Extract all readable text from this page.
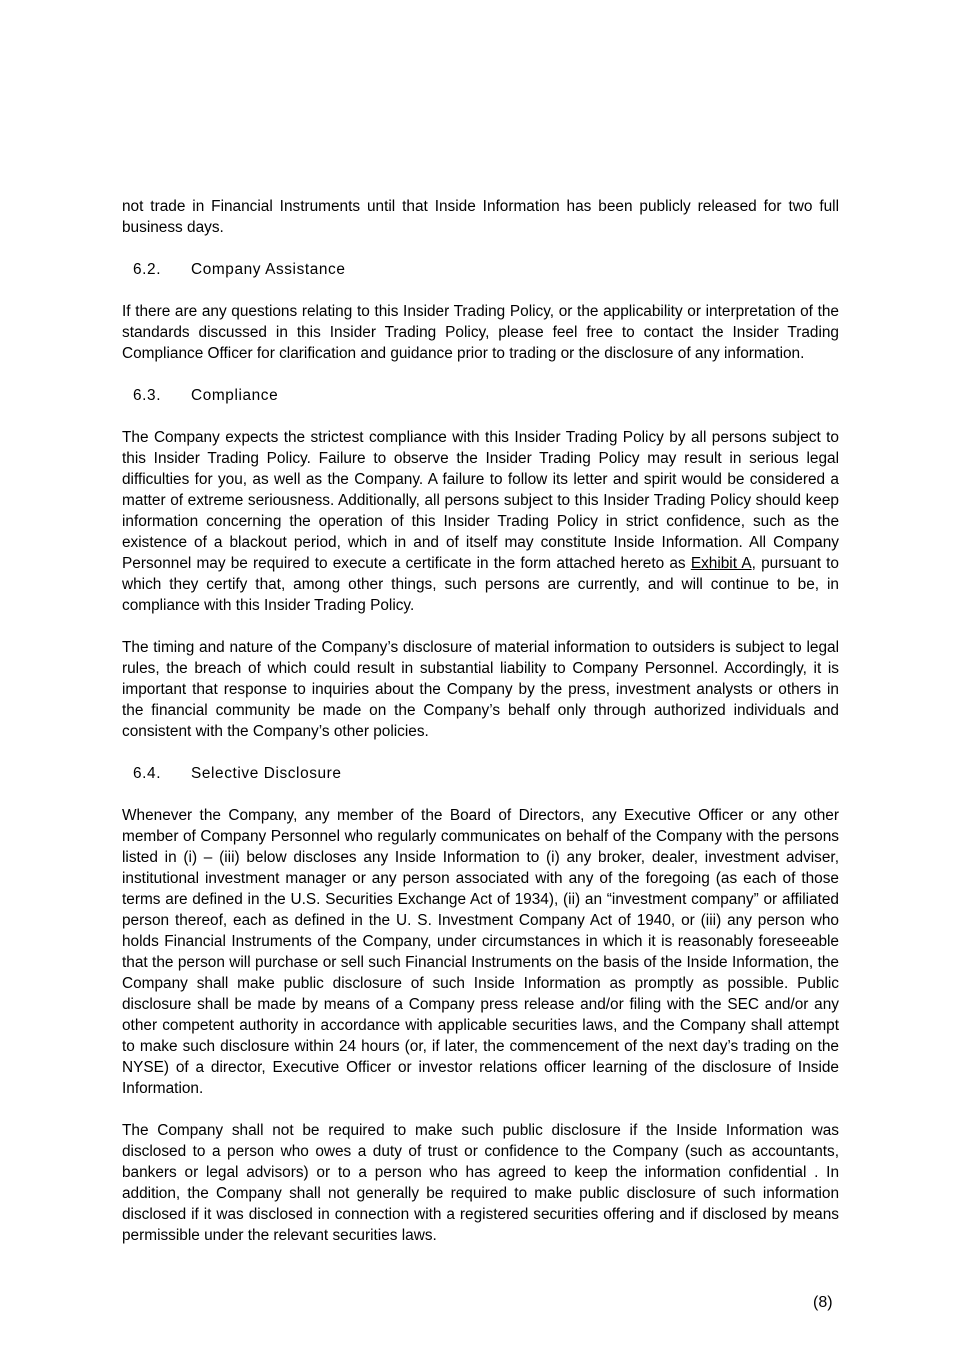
not trade in Financial Instruments until that Inside Information has been publicly released for two full business days.

6.2.	Company Assistance

If there are any questions relating to this Insider Trading Policy, or the applicability or interpretation of the standards discussed in this Insider Trading Policy, please feel free to contact the Insider Trading Compliance Officer for clarification and guidance prior to trading or the disclosure of any information.

6.3.	Compliance

The Company expects the strictest compliance with this Insider Trading Policy by all persons subject to this Insider Trading Policy. Failure to observe the Insider Trading Policy may result in serious legal difficulties for you, as well as the Company. A failure to follow its letter and spirit would be considered a matter of extreme seriousness. Additionally, all persons subject to this Insider Trading Policy should keep information concerning the operation of this Insider Trading Policy in strict confidence, such as the existence of a blackout period, which in and of itself may constitute Inside Information. All Company Personnel may be required to execute a certificate in the form attached hereto as Exhibit A, pursuant to which they certify that, among other things, such persons are currently, and will continue to be, in compliance with this Insider Trading Policy.

The timing and nature of the Company’s disclosure of material information to outsiders is subject to legal rules, the breach of which could result in substantial liability to Company Personnel. Accordingly, it is important that response to inquiries about the Company by the press, investment analysts or others in the financial community be made on the Company’s behalf only through authorized individuals and consistent with the Company’s other policies.

6.4.	Selective Disclosure

Whenever the Company, any member of the Board of Directors, any Executive Officer or any other member of Company Personnel who regularly communicates on behalf of the Company with the persons listed in (i) – (iii) below discloses any Inside Information to (i) any broker, dealer, investment adviser, institutional investment manager or any person associated with any of the foregoing (as each of those terms are defined in the U.S. Securities Exchange Act of 1934), (ii) an “investment company” or affiliated person thereof, each as defined in the U. S. Investment Company Act of 1940, or (iii) any person who holds Financial Instruments of the Company, under circumstances in which it is reasonably foreseeable that the person will purchase or sell such Financial Instruments on the basis of the Inside Information, the Company shall make public disclosure of such Inside Information as promptly as possible. Public disclosure shall be made by means of a Company press release and/or filing with the SEC and/or any other competent authority in accordance with applicable securities laws, and the Company shall attempt to make such disclosure within 24 hours (or, if later, the commencement of the next day’s trading on the NYSE) of a director, Executive Officer or investor relations officer learning of the disclosure of Inside Information.

The Company shall not be required to make such public disclosure if the Inside Information was disclosed to a person who owes a duty of trust or confidence to the Company (such as accountants, bankers or legal advisors) or to a person who has agreed to keep the information confidential . In addition, the Company shall not generally be required to make public disclosure of such information disclosed if it was disclosed in connection with a registered securities offering and if disclosed by means permissible under the relevant securities laws.

(8)
